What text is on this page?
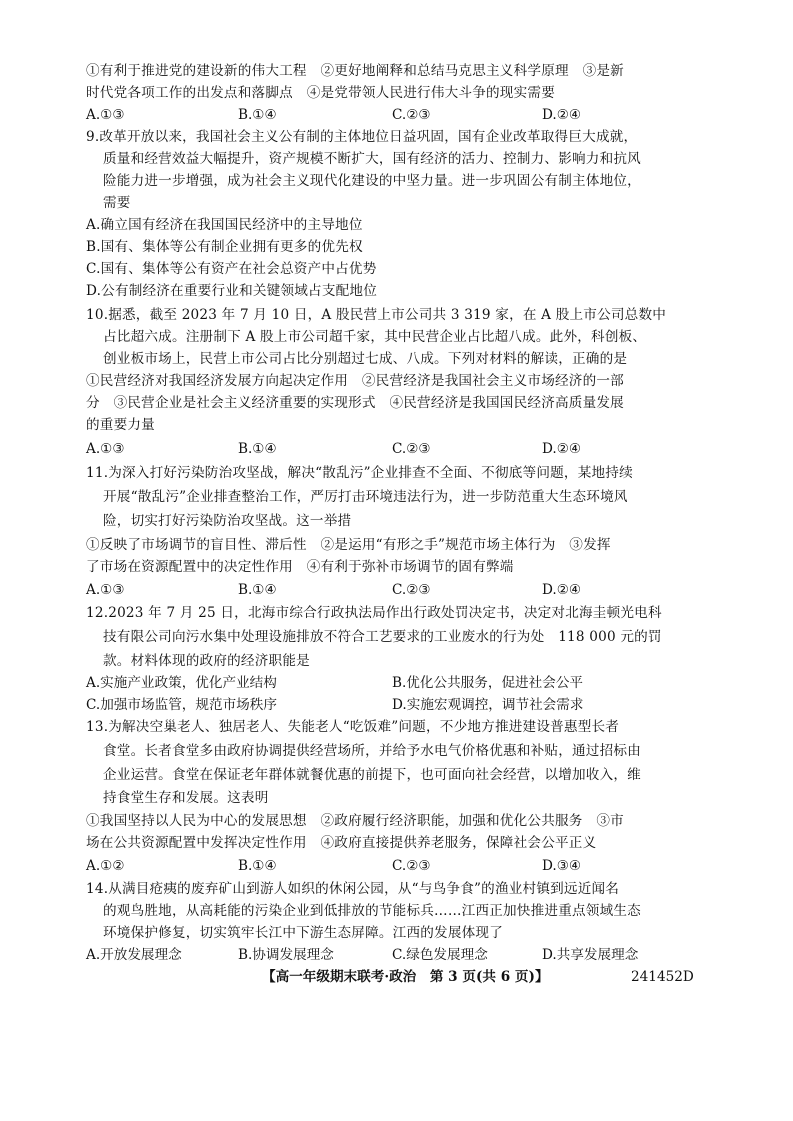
①有利于推进党的建设新的伟大工程　②更好地阐释和总结马克思主义科学原理　③是新
时代党各项工作的出发点和落脚点　④是党带领人民进行伟大斗争的现实需要
A.①③	B.①④	C.②③	D.②④
9.改革开放以来，我国社会主义公有制的主体地位日益巩固，国有企业改革取得巨大成就，
质量和经营效益大幅提升，资产规模不断扩大，国有经济的活力、控制力、影响力和抗风
险能力进一步增强，成为社会主义现代化建设的中坚力量。进一步巩固公有制主体地位，
需要
A.确立国有经济在我国国民经济中的主导地位
B.国有、集体等公有制企业拥有更多的优先权
C.国有、集体等公有资产在社会总资产中占优势
D.公有制经济在重要行业和关键领域占支配地位
10.据悉，截至 2023 年 7 月 10 日，A 股民营上市公司共 3 319 家，在 A 股上市公司总数中
占比超六成。注册制下 A 股上市公司超千家，其中民营企业占比超八成。此外，科创板、
创业板市场上，民营上市公司占比分别超过七成、八成。下列对材料的解读，正确的是
①民营经济对我国经济发展方向起决定作用　②民营经济是我国社会主义市场经济的一部
分　③民营企业是社会主义经济重要的实现形式　④民营经济是我国国民经济高质量发展
的重要力量
A.①③	B.①④	C.②③	D.②④
11.为深入打好污染防治攻坚战，解决“散乱污”企业排查不全面、不彻底等问题，某地持续
开展“散乱污”企业排查整治工作，严厉打击环境违法行为，进一步防范重大生态环境风
险，切实打好污染防治攻坚战。这一举措
①反映了市场调节的盲目性、滞后性　②是运用“有形之手”规范市场主体行为　③发挥
了市场在资源配置中的决定性作用　④有利于弥补市场调节的固有弊端
A.①③	B.①④	C.②③	D.②④
12.2023 年 7 月 25 日，北海市综合行政执法局作出行政处罚决定书，决定对北海圭顿光电科
技有限公司向污水集中处理设施排放不符合工艺要求的工业废水的行为处　118 000 元的罚
款。材料体现的政府的经济职能是
A.实施产业政策，优化产业结构	B.优化公共服务，促进社会公平
C.加强市场监管，规范市场秩序	D.实施宏观调控，调节社会需求
13.为解决空巢老人、独居老人、失能老人“吃饭难”问题，不少地方推进建设普惠型长者
食堂。长者食堂多由政府协调提供经营场所，并给予水电气价格优惠和补贴，通过招标由
企业运营。食堂在保证老年群体就餐优惠的前提下，也可面向社会经营，以增加收入，维
持食堂生存和发展。这表明
①我国坚持以人民为中心的发展思想　②政府履行经济职能，加强和优化公共服务　③市
场在公共资源配置中发挥决定性作用　④政府直接提供养老服务，保障社会公平正义
A.①②	B.①④	C.②③	D.③④
14.从满目疮痍的废弃矿山到游人如织的休闲公园，从“与鸟争食”的渔业村镇到远近闻名
的观鸟胜地，从高耗能的污染企业到低排放的节能标兵……江西正加快推进重点领域生态
环境保护修复，切实筑牢长江中下游生态屏障。江西的发展体现了
A.开放发展理念	B.协调发展理念	C.绿色发展理念	D.共享发展理念
【高一年级期末联考·政治　第 3 页(共 6 页)】	241452D
